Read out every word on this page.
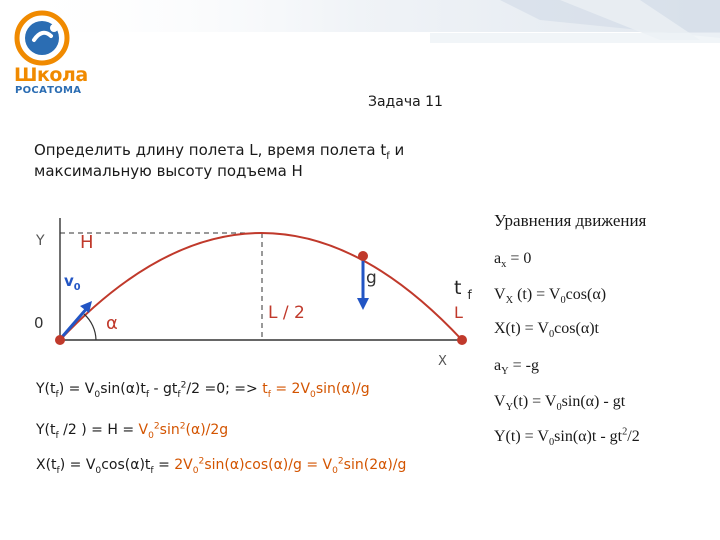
Школа
РОСАТОМА
Задача 11
Определить длину полета L, время полета $t_f$ и
максимальную высоту подъема H
Y
X
0
H
$v_0$
α
g
L / 2	L
t $_f$
Уравнения движения
$a_x = 0$
$V_X$ $(t) = V_0\cos(\alpha)$
$X(t) = V_0\cos(\alpha)t$
$a_Y = -g$
$V_Y(t) = V_0\sin(\alpha)$ - gt
$Y(t) = V_0\sin(\alpha)t - gt^2/2$
$Y(t_f) = V_0\sin(\alpha)t_f - gt_f^2/2 =0$; => $t_f = 2V_0\sin(\alpha)/g$
$Y(t_f$ /2 ) = $H = V_0^2\sin^2(\alpha)/2g$
$X(t_f) = V_0\cos(\alpha)t_f = 2V_0^2\sin(\alpha)\cos(\alpha)/g = V_0^2\sin(2\alpha)/g$
